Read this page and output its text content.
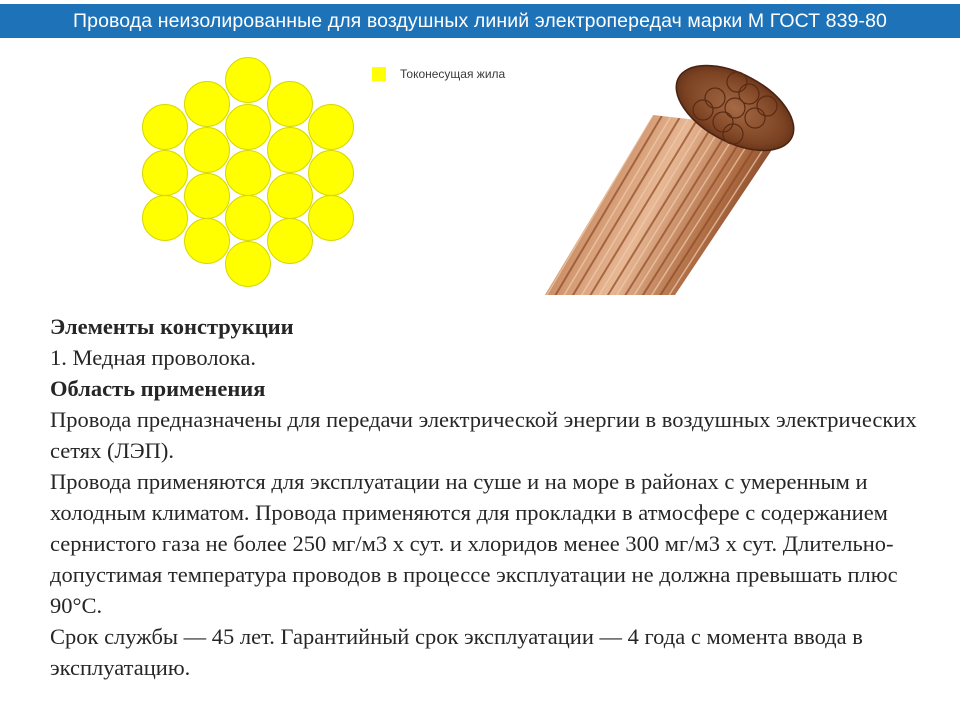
Провода неизолированные для воздушных линий электропередач марки М ГОСТ 839-80
Токонесущая жила

Элементы конструкции

1. Медная проволока.

Область применения

Провода предназначены для передачи электрической энергии в воздушных электрических сетях (ЛЭП).

Провода применяются для эксплуатации на суше и на море в районах с умеренным и холодным климатом. Провода применяются для прокладки в атмосфере с содержанием сернистого газа не более 250 мг/м3 х сут. и хлоридов менее 300 мг/м3 х сут. Длительно-допустимая температура проводов в процессе эксплуатации не должна превышать плюс 90°С.

Срок службы — 45 лет. Гарантийный срок эксплуатации — 4 года с момента ввода в эксплуатацию.
